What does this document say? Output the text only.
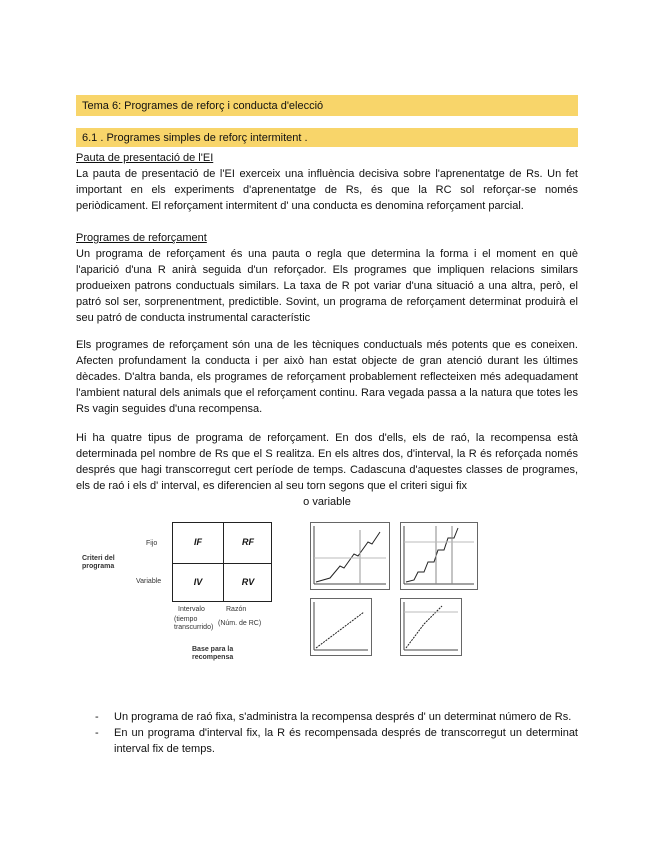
Tema 6: Programes de reforç i conducta d'elecció
6.1 . Programes simples de reforç intermitent .

Pauta de presentació de l'EI

La pauta de presentació de l'EI exerceix una influència decisiva sobre l'aprenentatge de Rs. Un fet important en els experiments d'aprenentatge de Rs, és que la RC sol reforçar-se només periòdicament. El reforçament intermitent d' una conducta es denomina reforçament parcial.

Programes de reforçament

Un programa de reforçament és una pauta o regla que determina la forma i el moment en què l'aparició d'una R anirà seguida d'un reforçador. Els programes que impliquen relacions similars produeixen patrons conductuals similars. La taxa de R pot variar d'una situació a una altra, però, el patró sol ser, sorprenentment, predictible. Sovint, un programa de reforçament determinat produirà el seu patró de conducta instrumental característic

Els programes de reforçament són una de les tècniques conductuals més potents que es coneixen. Afecten profundament la conducta i per això han estat objecte de gran atenció durant les últimes dècades. D'altra banda, els programes de reforçament probablement reflecteixen més adequadament l'ambient natural dels animals que el reforçament continu. Rara vegada passa a la natura que totes les Rs vagin seguides d'una recompensa.

Hi ha quatre tipus de programa de reforçament. En dos d'ells, els de raó, la recompensa està determinada pel nombre de Rs que el S realitza. En els altres dos, d'interval, la R és reforçada només després que hagi transcorregut cert període de temps. Cadascuna d'aquestes classes de programes, els de raó i els d' interval, es diferencien al seu torn segons que el criteri sigui fix

o variable

Criteri del
programa
Fijo
Variable
IF	RF
IV	RV
Intervalo
(tiempo
transcurrido)
Razón
(Núm. de RC)
Base para la
recompensa
- Un programa de raó fixa, s'administra la recompensa després d' un determinat número de Rs.
- En un programa d'interval fix, la R és recompensada després de transcorregut un determinat interval fix de temps.
